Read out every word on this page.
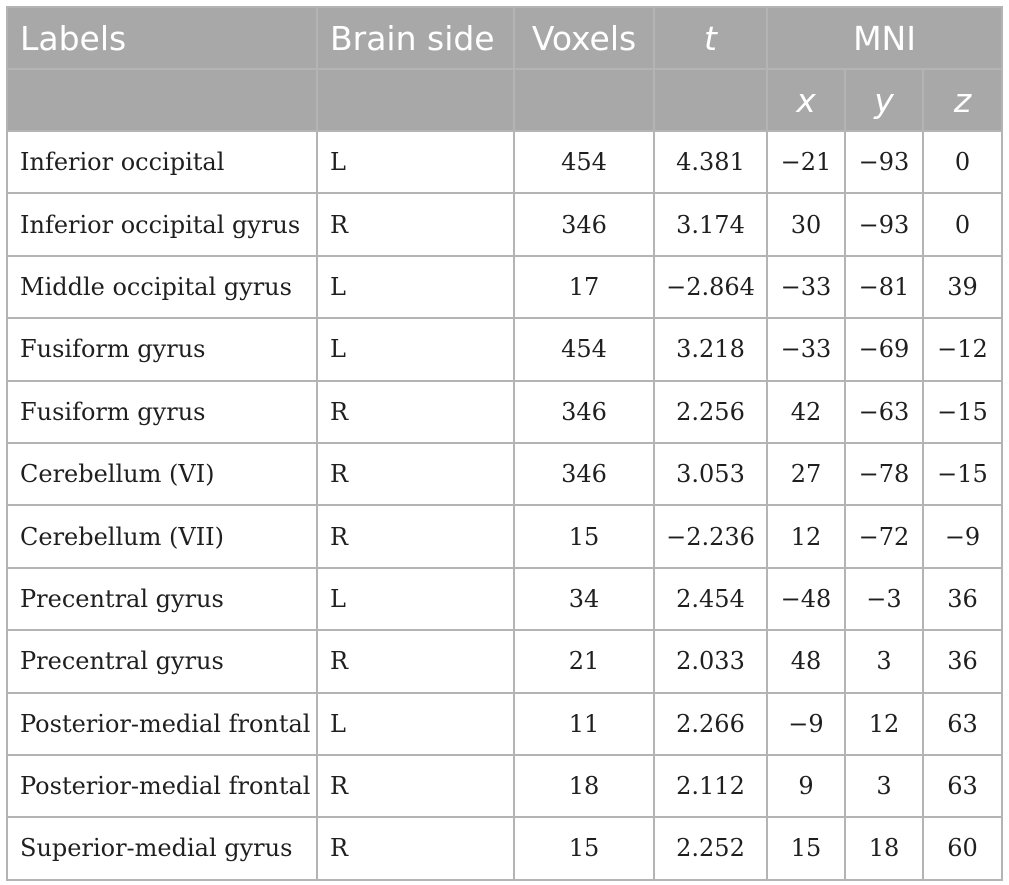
Labels	Brain side	Voxels	t	MNI		
				x	y	z
Inferior occipital	L	454	4.381	−21	−93	0
Inferior occipital gyrus	R	346	3.174	30	−93	0
Middle occipital gyrus	L	17	−2.864	−33	−81	39
Fusiform gyrus	L	454	3.218	−33	−69	−12
Fusiform gyrus	R	346	2.256	42	−63	−15
Cerebellum (VI)	R	346	3.053	27	−78	−15
Cerebellum (VII)	R	15	−2.236	12	−72	−9
Precentral gyrus	L	34	2.454	−48	−3	36
Precentral gyrus	R	21	2.033	48	3	36
Posterior-medial frontal	L	11	2.266	−9	12	63
Posterior-medial frontal	R	18	2.112	9	3	63
Superior-medial gyrus	R	15	2.252	15	18	60
